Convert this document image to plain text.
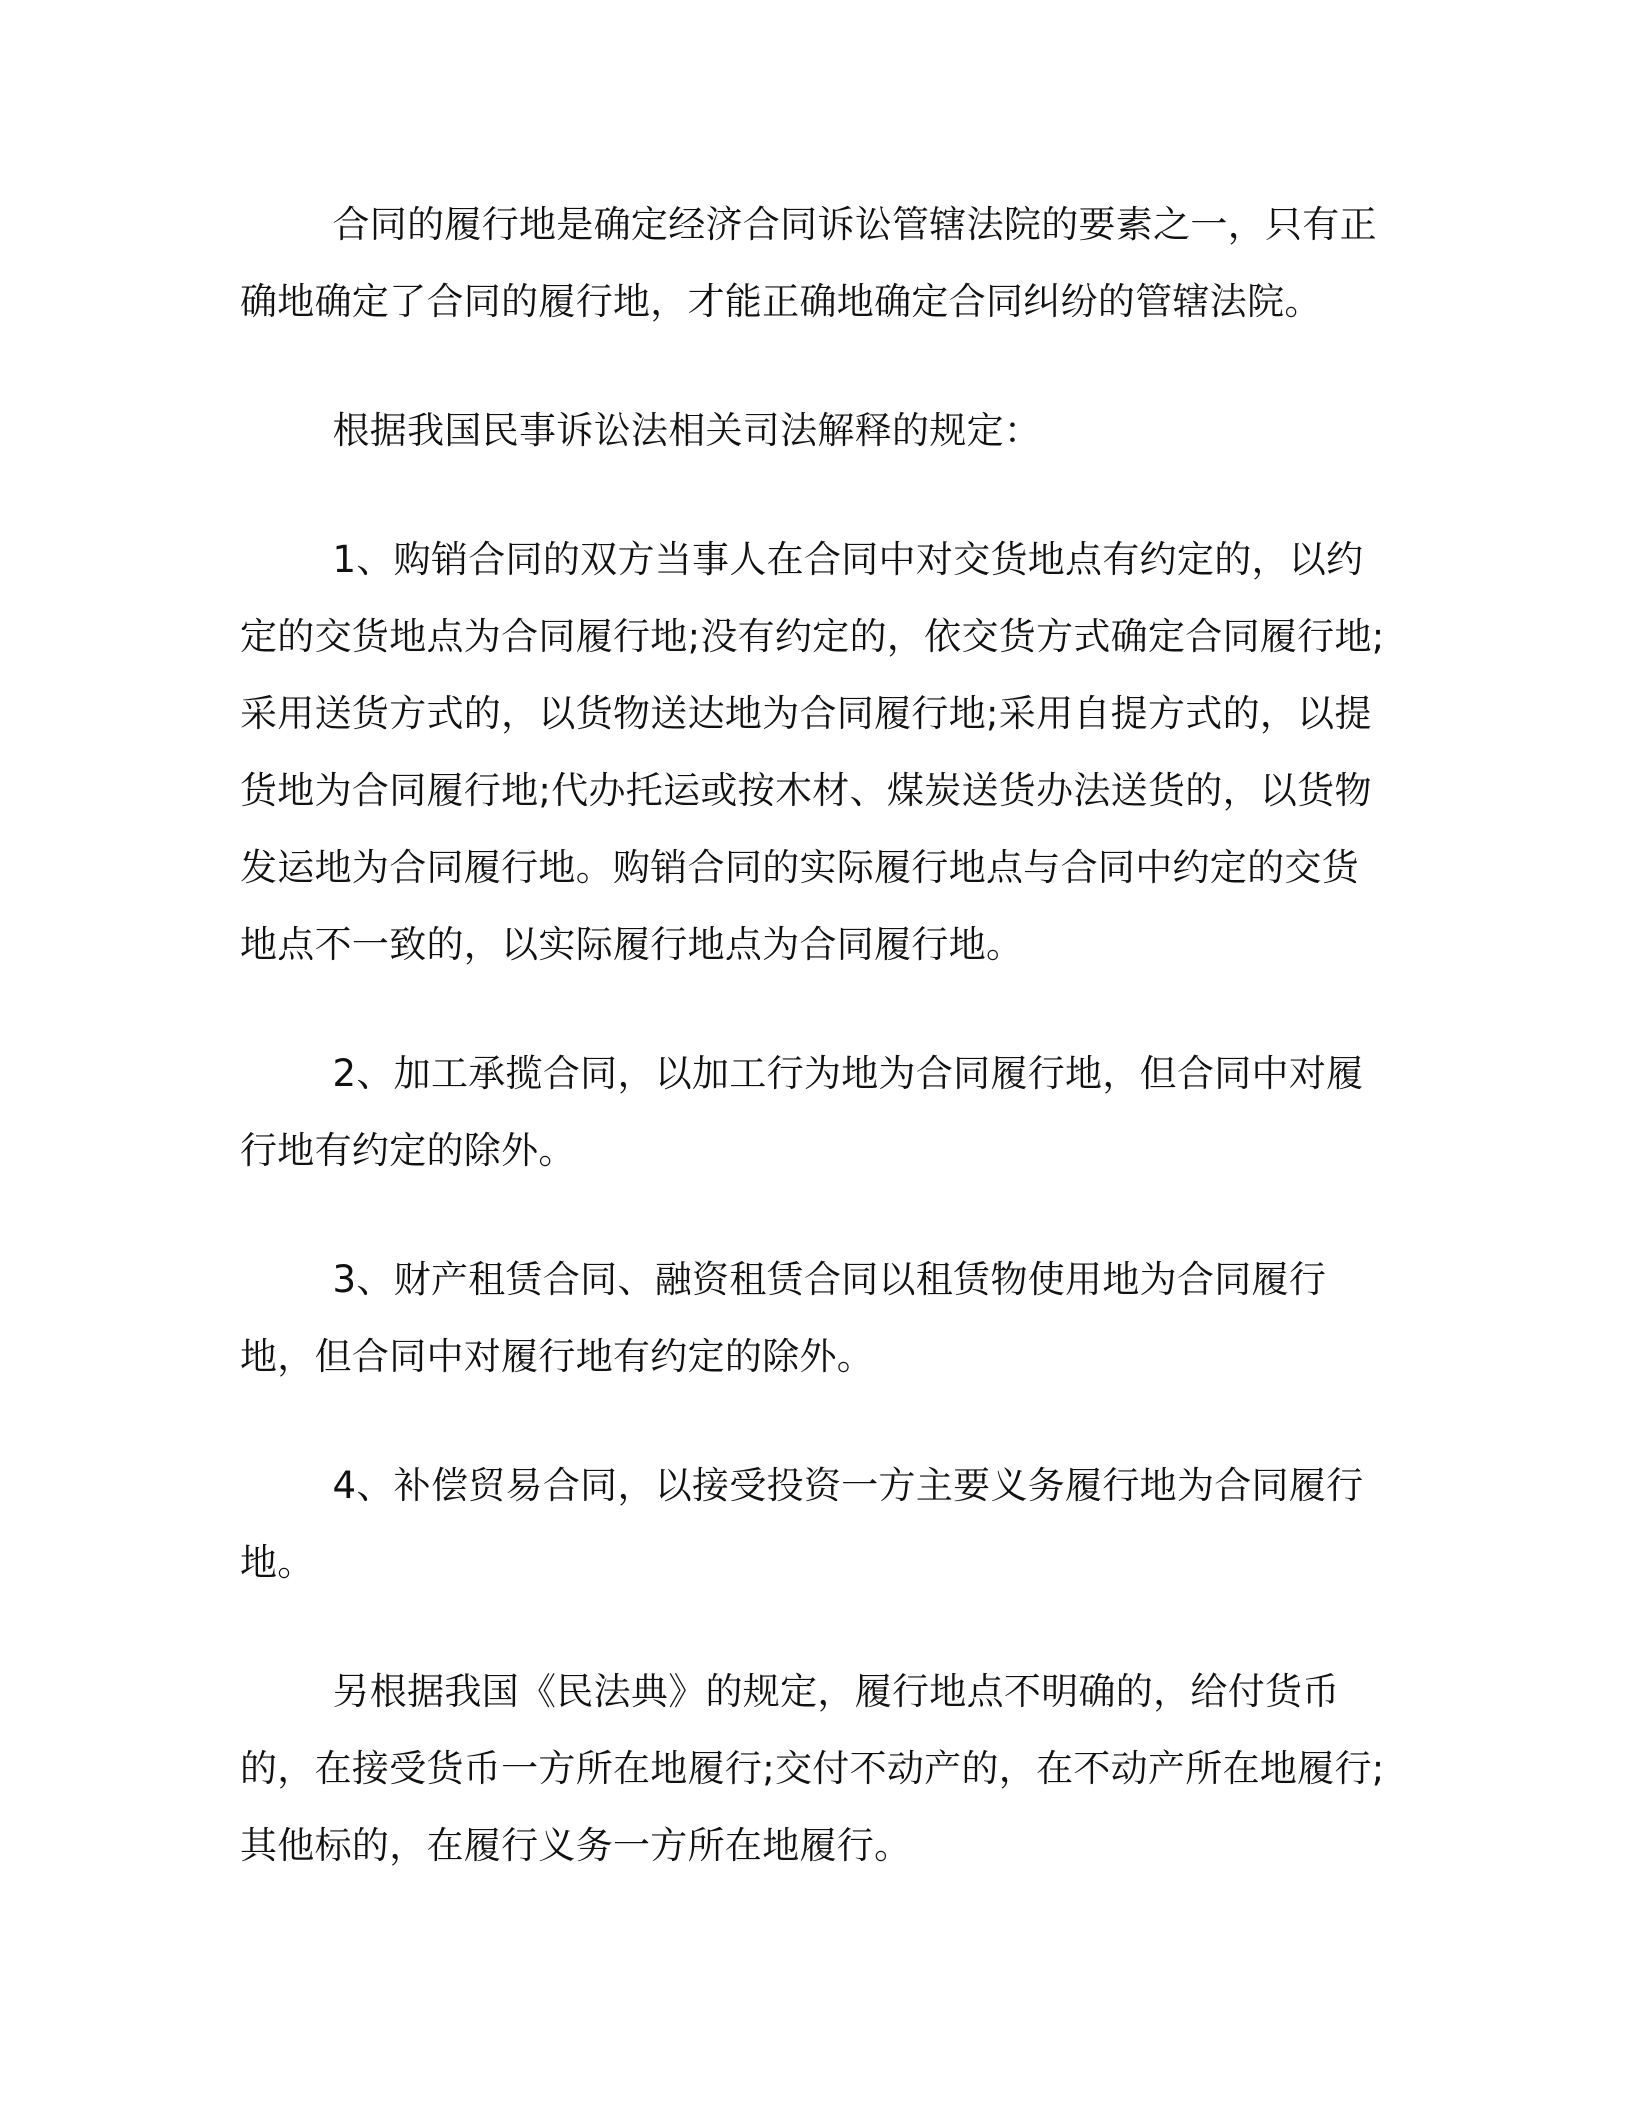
合同的履行地是确定经济合同诉讼管辖法院的要素之一，只有正确地确定了合同的履行地，才能正确地确定合同纠纷的管辖法院。

根据我国民事诉讼法相关司法解释的规定：

1、购销合同的双方当事人在合同中对交货地点有约定的，以约定的交货地点为合同履行地;没有约定的，依交货方式确定合同履行地;采用送货方式的，以货物送达地为合同履行地;采用自提方式的，以提货地为合同履行地;代办托运或按木材、煤炭送货办法送货的，以货物发运地为合同履行地。购销合同的实际履行地点与合同中约定的交货地点不一致的，以实际履行地点为合同履行地。

2、加工承揽合同，以加工行为地为合同履行地，但合同中对履行地有约定的除外。

3、财产租赁合同、融资租赁合同以租赁物使用地为合同履行地，但合同中对履行地有约定的除外。

4、补偿贸易合同，以接受投资一方主要义务履行地为合同履行地。

另根据我国《民法典》的规定，履行地点不明确的，给付货币的，在接受货币一方所在地履行;交付不动产的，在不动产所在地履行;其他标的，在履行义务一方所在地履行。
